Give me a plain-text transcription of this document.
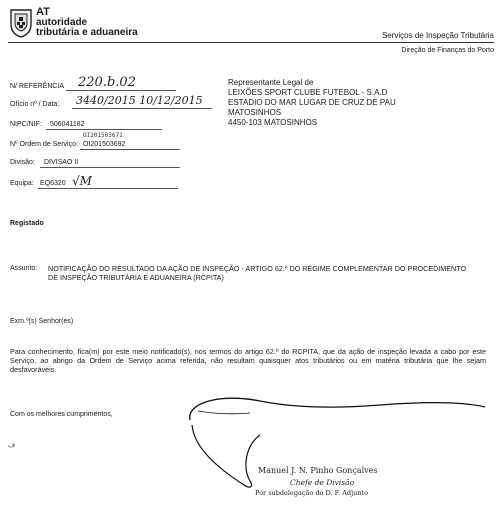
AT
autoridade
tributária e aduaneira	Serviços de Inspeção Tributária
Direção de Finanças do Porto
N/ REFERÊNCIA 220.b.02
Ofício nº / Data: 3440/2015 10/12/2015
NIPC/NIF: 506041182
Nº Ordem de Serviço:
OI201503671
OI201503692
Divisão: DIVISAO II
Equipa: EQ6320 √M
Representante Legal de
LEIXÕES SPORT CLUBE FUTEBOL - S.A.D
ESTADIO DO MAR LUGAR DE CRUZ DE PAU
MATOSINHOS
4450-103 MATOSINHOS
Registado
Assunto: NOTIFICAÇÃO DO RESULTADO DA AÇÃO DE INSPEÇÃO - ARTIGO 62.º DO REGIME COMPLEMENTAR DO PROCEDIMENTO DE INSPEÇÃO TRIBUTÁRIA E ADUANEIRA (RCPITA)
Exm.º(s) Senhor(es)
Para conhecimento, fica(m) por este meio notificado(s), nos termos do artigo 62.º do RCPITA, que da ação de inspeção levada a cabo por este Serviço, ao abrigo da Ordem de Serviço acima referida, não resultam quaisquer atos tributários ou em matéria tributária que lhe sejam desfavoráveis.
Com os melhores cumprimentos,
ف
Manuel J. N. Pinho Gonçalves
Chefe de Divisão
Por subdelegação do D. F. Adjunto
